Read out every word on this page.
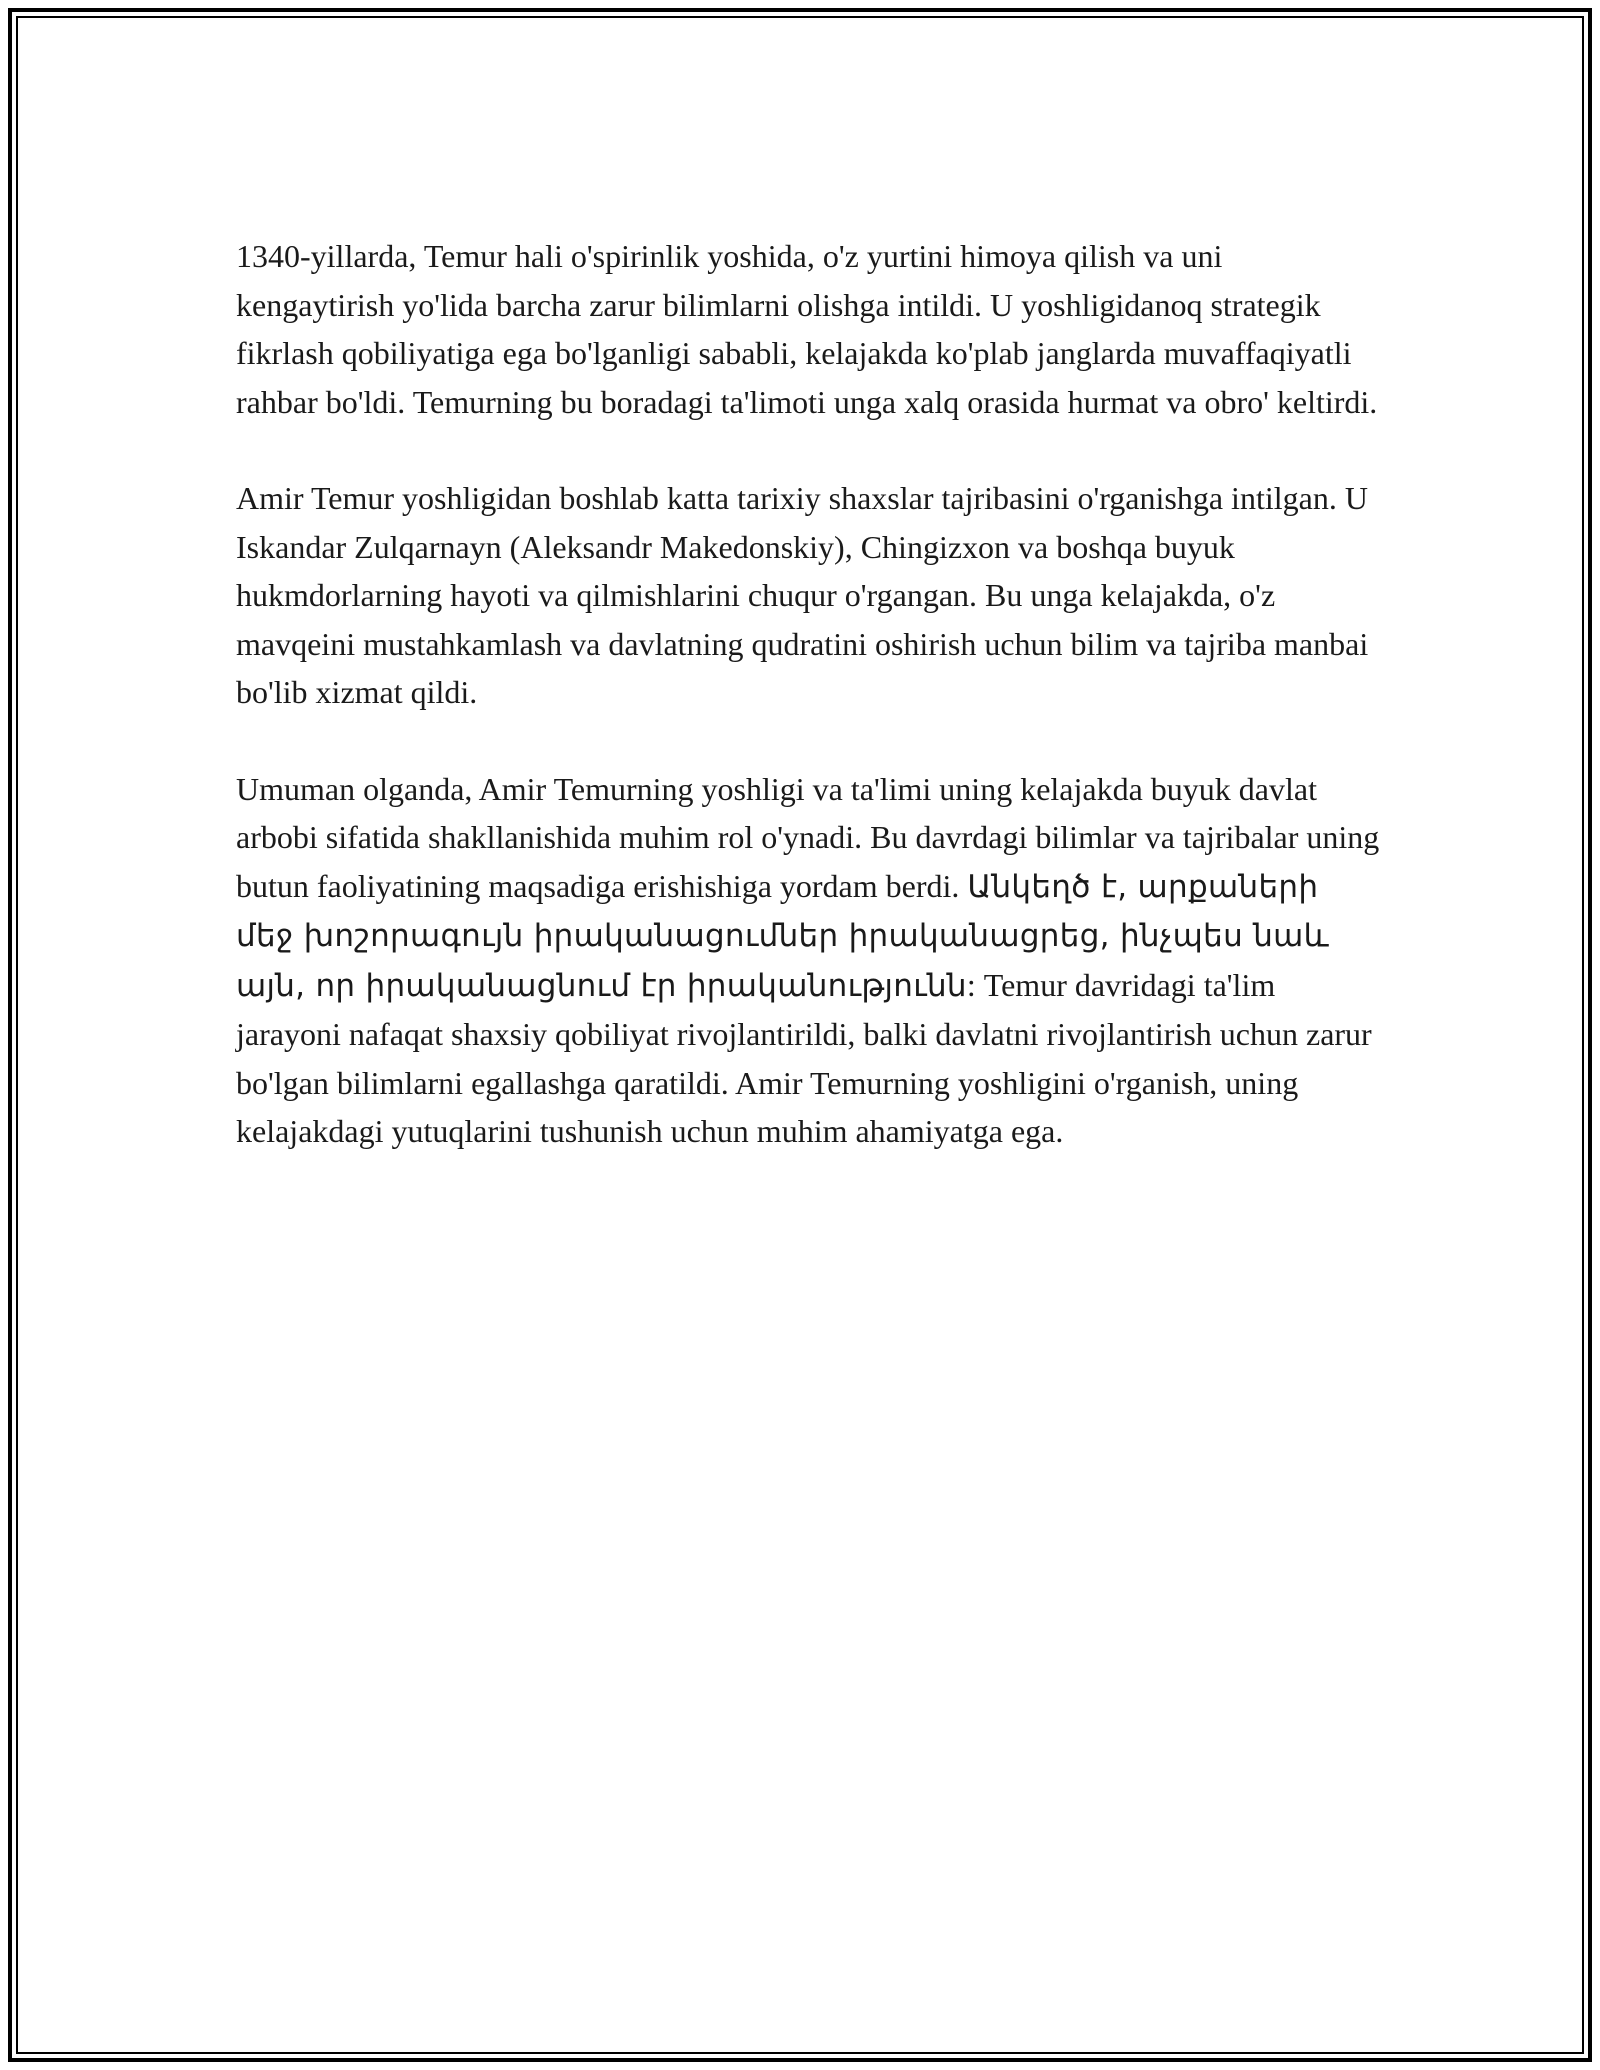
1340-yillarda, Temur hali o'spirinlik yoshida, o'z yurtini himoya qilish va uni kengaytirish yo'lida barcha zarur bilimlarni olishga intildi. U yoshligidanoq strategik fikrlash qobiliyatiga ega bo'lganligi sababli, kelajakda ko'plab janglarda muvaffaqiyatli rahbar bo'ldi. Temurning bu boradagi ta'limoti unga xalq orasida hurmat va obro' keltirdi.

Amir Temur yoshligidan boshlab katta tarixiy shaxslar tajribasini o'rganishga intilgan. U Iskandar Zulqarnayn (Aleksandr Makedonskiy), Chingizxon va boshqa buyuk hukmdorlarning hayoti va qilmishlarini chuqur o'rgangan. Bu unga kelajakda, o'z mavqeini mustahkamlash va davlatning qudratini oshirish uchun bilim va tajriba manbai bo'lib xizmat qildi.

Umuman olganda, Amir Temurning yoshligi va ta'limi uning kelajakda buyuk davlat arbobi sifatida shakllanishida muhim rol o'ynadi. Bu davrdagi bilimlar va tajribalar uning butun faoliyatining maqsadiga erishishiga yordam berdi. Անկեղծ է, արքաների մեջ խոշորագույն իրականացումներ իրականացրեց, ինչպես նաև այն, որ իրականացնում էր իրականությունն: Temur davridagi ta'lim jarayoni nafaqat shaxsiy qobiliyat rivojlantirildi, balki davlatni rivojlantirish uchun zarur bo'lgan bilimlarni egallashga qaratildi. Amir Temurning yoshligini o'rganish, uning kelajakdagi yutuqlarini tushunish uchun muhim ahamiyatga ega.
